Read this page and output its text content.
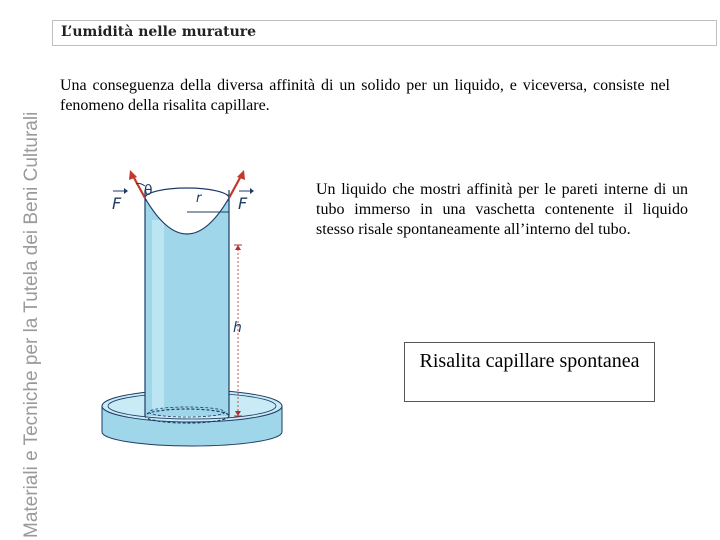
Materiali e Tecniche per la Tutela dei Beni Culturali
L’umidità nelle murature
Una conseguenza della diversa affinità di un solido per un liquido, e viceversa, consiste nel fenomeno della risalita capillare.
θ	r
F	F
h
Un liquido che mostri affinità per le pareti interne di un tubo immerso in una vaschetta contenente il liquido stesso risale spontaneamente all’interno del tubo.
Risalita capillare spontanea
